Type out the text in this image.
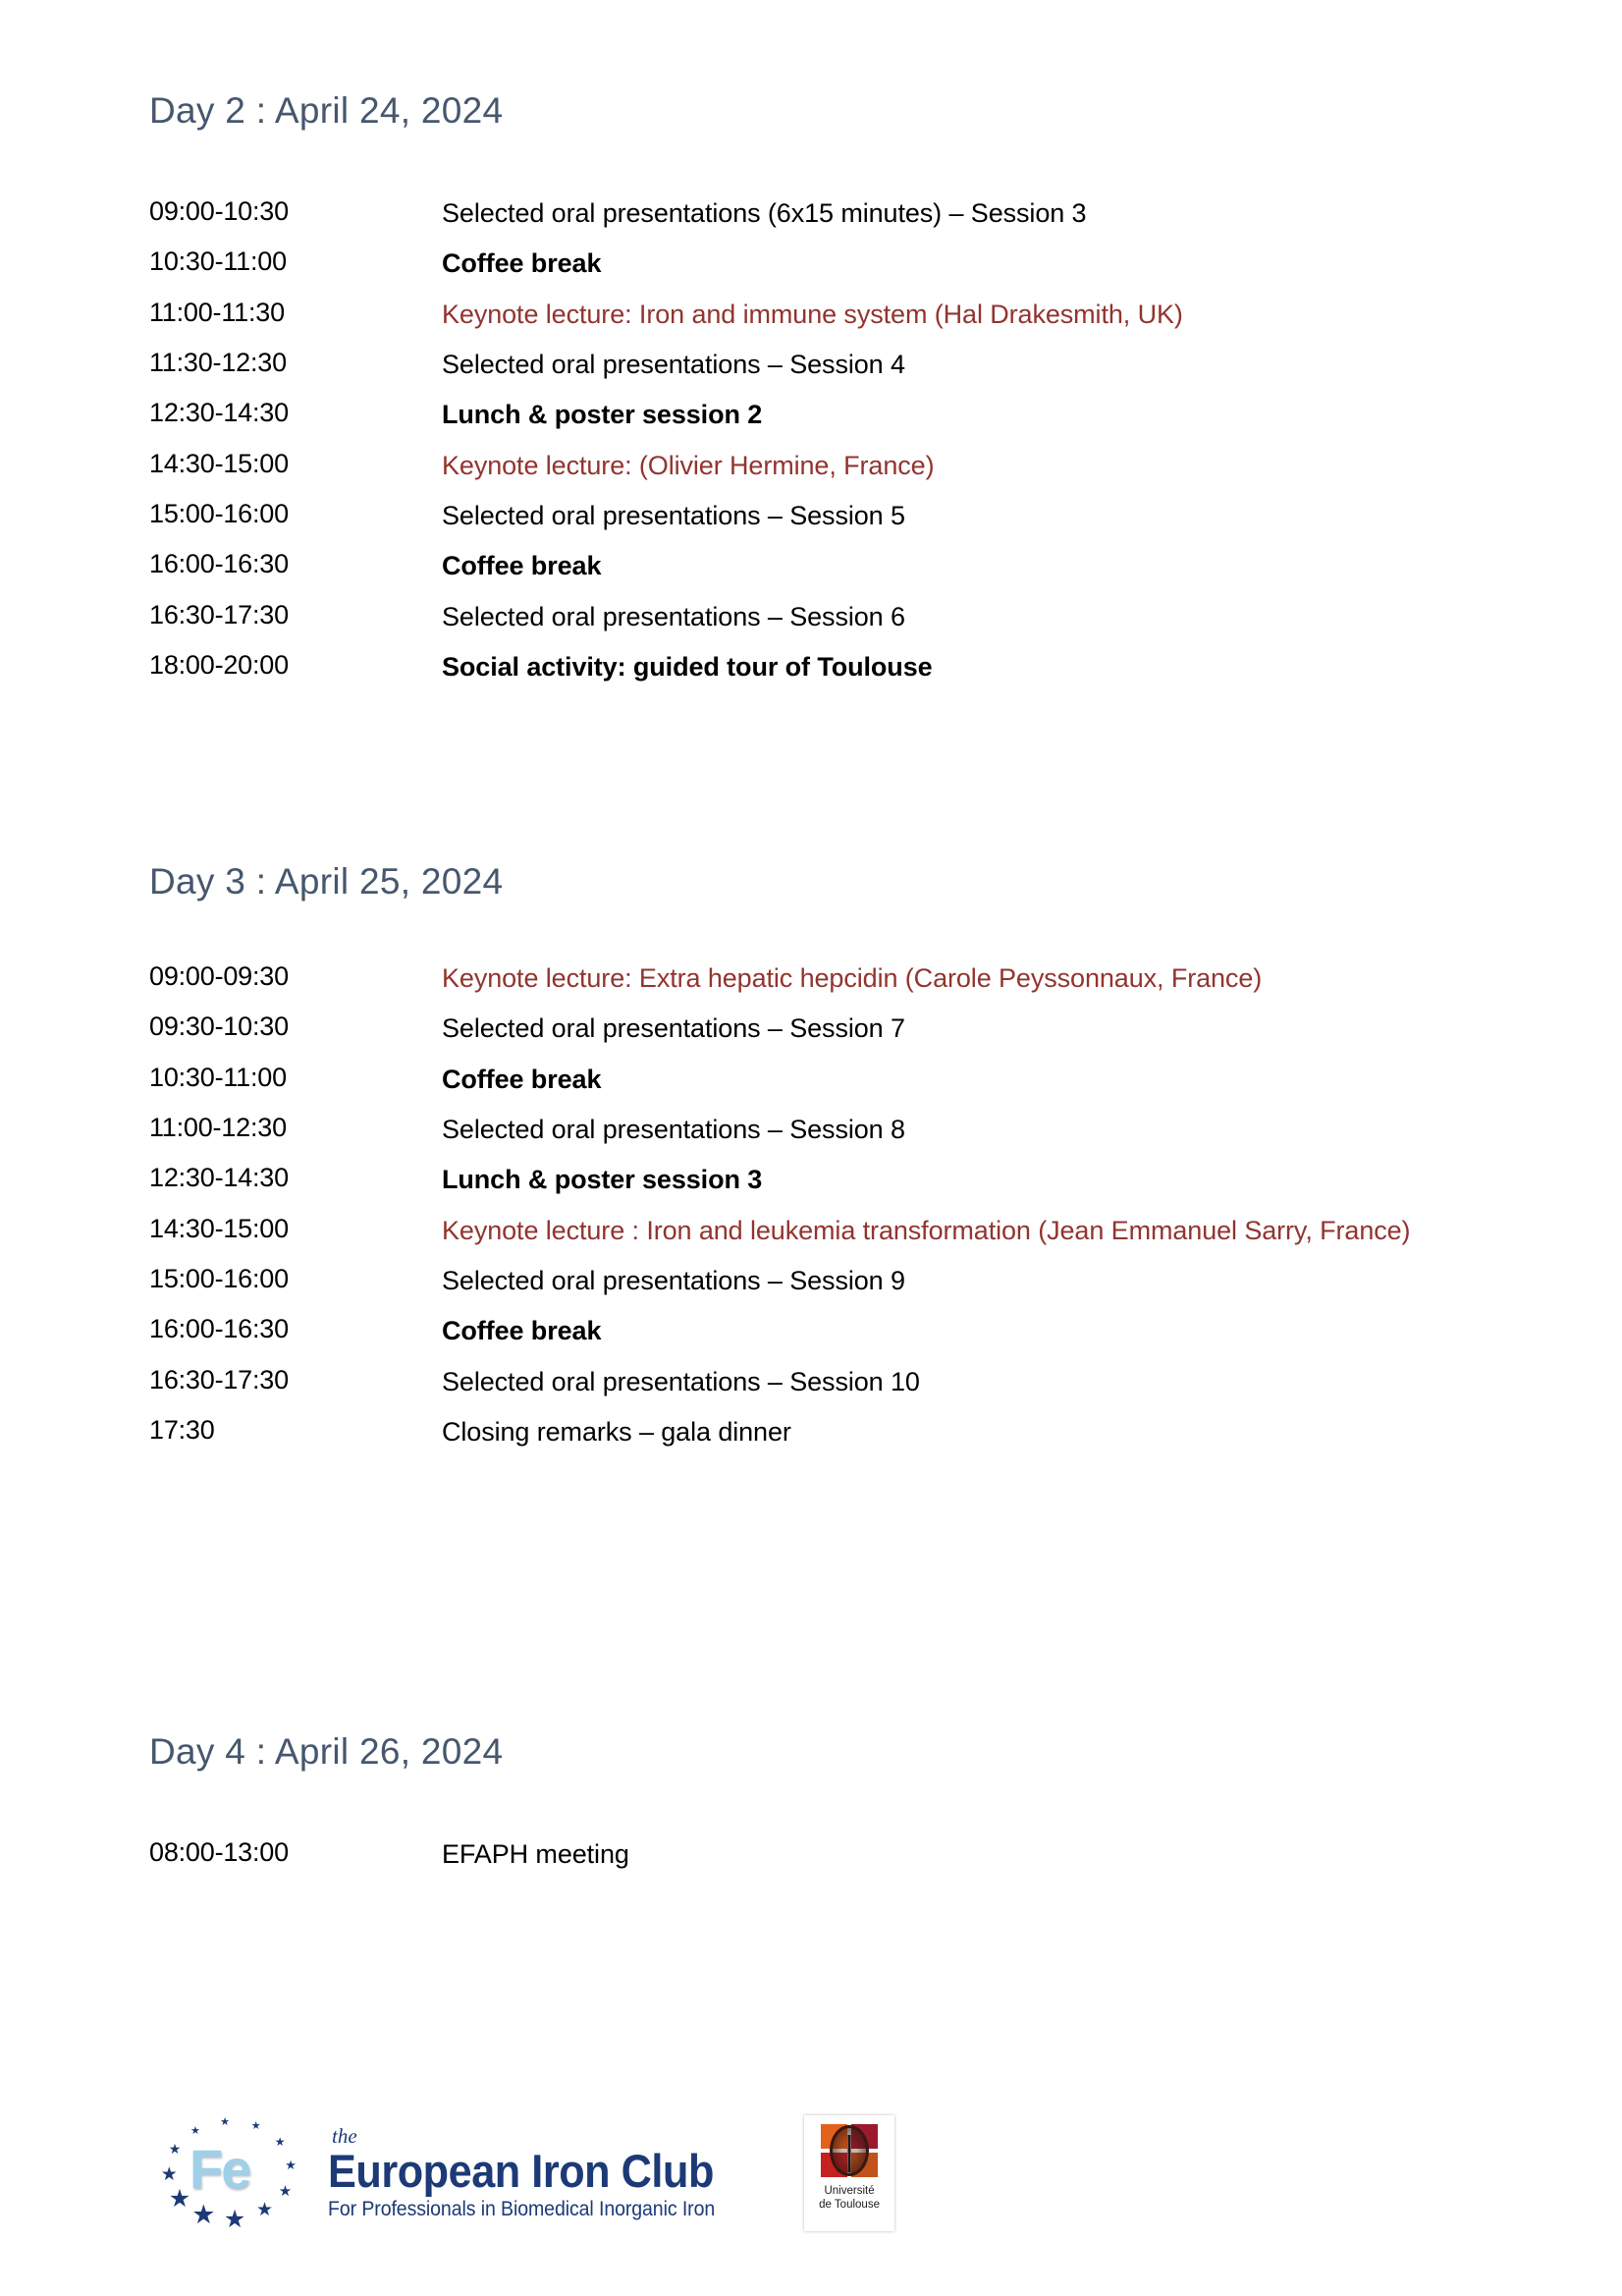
Day 2 : April 24, 2024
09:00-10:30	Selected oral presentations (6x15 minutes) – Session 3
10:30-11:00	Coffee break
11:00-11:30	Keynote lecture: Iron and immune system (Hal Drakesmith, UK)
11:30-12:30	Selected oral presentations – Session 4
12:30-14:30	Lunch & poster session 2
14:30-15:00	Keynote lecture: (Olivier Hermine, France)
15:00-16:00	Selected oral presentations – Session 5
16:00-16:30	Coffee break
16:30-17:30	Selected oral presentations – Session 6
18:00-20:00	Social activity: guided tour of Toulouse
Day 3 : April 25, 2024
09:00-09:30	Keynote lecture: Extra hepatic hepcidin (Carole Peyssonnaux, France)
09:30-10:30	Selected oral presentations – Session 7
10:30-11:00	Coffee break
11:00-12:30	Selected oral presentations – Session 8
12:30-14:30	Lunch & poster session 3
14:30-15:00	Keynote lecture : Iron and leukemia transformation (Jean Emmanuel Sarry, France)
15:00-16:00	Selected oral presentations – Session 9
16:00-16:30	Coffee break
16:30-17:30	Selected oral presentations – Session 10
17:30	Closing remarks – gala dinner
Day 4 : April 26, 2024
08:00-13:00	EFAPH meeting
Fe
★ ★
★
★
★
★
★
★
★
★
★
★	the
European Iron Club
For Professionals in Biomedical Inorganic Iron
Université
de Toulouse
